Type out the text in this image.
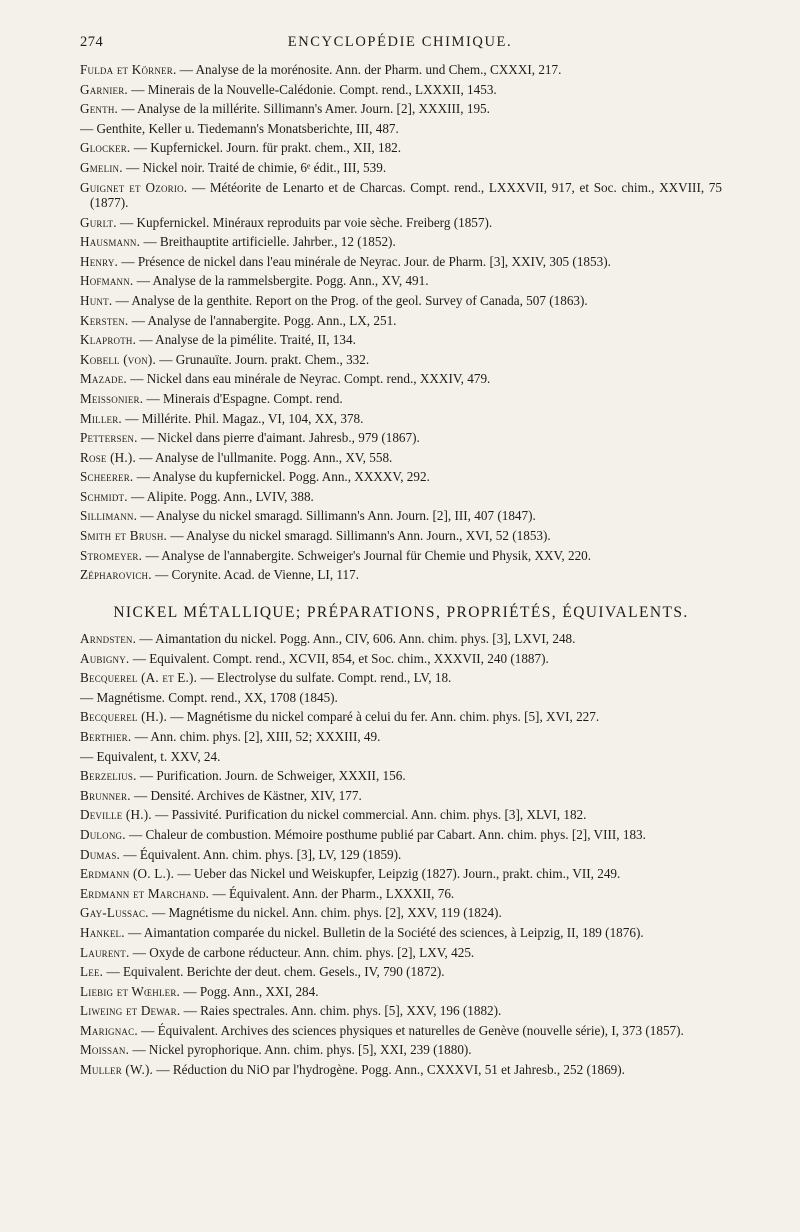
274	ENCYCLOPÉDIE CHIMIQUE.
Fulda et Körner. — Analyse de la morénosite. Ann. der Pharm. und Chem., CXXXI, 217.
Garnier. — Minerais de la Nouvelle-Calédonie. Compt. rend., LXXXII, 1453.
Genth. — Analyse de la millérite. Sillimann's Amer. Journ. [2], XXXIII, 195.
— Genthite, Keller u. Tiedemann's Monatsberichte, III, 487.
Glocker. — Kupfernickel. Journ. für prakt. chem., XII, 182.
Gmelin. — Nickel noir. Traité de chimie, 6ᵉ édit., III, 539.
Guignet et Ozorio. — Météorite de Lenarto et de Charcas. Compt. rend., LXXXVII, 917, et Soc. chim., XXVIII, 75 (1877).
Gurlt. — Kupfernickel. Minéraux reproduits par voie sèche. Freiberg (1857).
Hausmann. — Breithauptite artificielle. Jahrber., 12 (1852).
Henry. — Présence de nickel dans l'eau minérale de Neyrac. Jour. de Pharm. [3], XXIV, 305 (1853).
Hofmann. — Analyse de la rammelsbergite. Pogg. Ann., XV, 491.
Hunt. — Analyse de la genthite. Report on the Prog. of the geol. Survey of Canada, 507 (1863).
Kersten. — Analyse de l'annabergite. Pogg. Ann., LX, 251.
Klaproth. — Analyse de la pimélite. Traité, II, 134.
Kobell (von). — Grunauïte. Journ. prakt. Chem., 332.
Mazade. — Nickel dans eau minérale de Neyrac. Compt. rend., XXXIV, 479.
Meissonier. — Minerais d'Espagne. Compt. rend.
Miller. — Millérite. Phil. Magaz., VI, 104, XX, 378.
Pettersen. — Nickel dans pierre d'aimant. Jahresb., 979 (1867).
Rose (H.). — Analyse de l'ullmanite. Pogg. Ann., XV, 558.
Scheerer. — Analyse du kupfernickel. Pogg. Ann., XXXXV, 292.
Schmidt. — Alipite. Pogg. Ann., LVIV, 388.
Sillimann. — Analyse du nickel smaragd. Sillimann's Ann. Journ. [2], III, 407 (1847).
Smith et Brush. — Analyse du nickel smaragd. Sillimann's Ann. Journ., XVI, 52 (1853).
Stromeyer. — Analyse de l'annabergite. Schweiger's Journal für Chemie und Physik, XXV, 220.
Zépharovich. — Corynite. Acad. de Vienne, LI, 117.
NICKEL MÉTALLIQUE; PRÉPARATIONS, PROPRIÉTÉS, ÉQUIVALENTS.
Arndsten. — Aimantation du nickel. Pogg. Ann., CIV, 606. Ann. chim. phys. [3], LXVI, 248.
Aubigny. — Equivalent. Compt. rend., XCVII, 854, et Soc. chim., XXXVII, 240 (1887).
Becquerel (A. et E.). — Electrolyse du sulfate. Compt. rend., LV, 18.
— Magnétisme. Compt. rend., XX, 1708 (1845).
Becquerel (H.). — Magnétisme du nickel comparé à celui du fer. Ann. chim. phys. [5], XVI, 227.
Berthier. — Ann. chim. phys. [2], XIII, 52; XXXIII, 49.
— Equivalent, t. XXV, 24.
Berzelius. — Purification. Journ. de Schweiger, XXXII, 156.
Brunner. — Densité. Archives de Kästner, XIV, 177.
Deville (H.). — Passivité. Purification du nickel commercial. Ann. chim. phys. [3], XLVI, 182.
Dulong. — Chaleur de combustion. Mémoire posthume publié par Cabart. Ann. chim. phys. [2], VIII, 183.
Dumas. — Équivalent. Ann. chim. phys. [3], LV, 129 (1859).
Erdmann (O. L.). — Ueber das Nickel und Weiskupfer, Leipzig (1827). Journ., prakt. chim., VII, 249.
Erdmann et Marchand. — Équivalent. Ann. der Pharm., LXXXII, 76.
Gay-Lussac. — Magnétisme du nickel. Ann. chim. phys. [2], XXV, 119 (1824).
Hankel. — Aimantation comparée du nickel. Bulletin de la Société des sciences, à Leipzig, II, 189 (1876).
Laurent. — Oxyde de carbone réducteur. Ann. chim. phys. [2], LXV, 425.
Lee. — Equivalent. Berichte der deut. chem. Gesels., IV, 790 (1872).
Liebig et Wœhler. — Pogg. Ann., XXI, 284.
Liweing et Dewar. — Raies spectrales. Ann. chim. phys. [5], XXV, 196 (1882).
Marignac. — Équivalent. Archives des sciences physiques et naturelles de Genève (nouvelle série), I, 373 (1857).
Moissan. — Nickel pyrophorique. Ann. chim. phys. [5], XXI, 239 (1880).
Muller (W.). — Réduction du NiO par l'hydrogène. Pogg. Ann., CXXXVI, 51 et Jahresb., 252 (1869).
